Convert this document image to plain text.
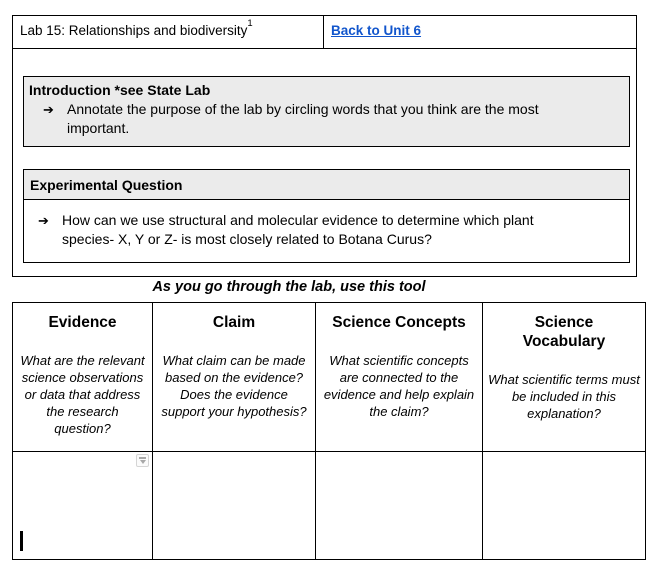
Lab 15: Relationships and biodiversity$^1$	Back to Unit 6
Introduction *see State Lab
➔ Annotate the purpose of the lab by circling words that you think are the most important.
Experimental Question
➔ How can we use structural and molecular evidence to determine which plant species- X, Y or Z- is most closely related to Botana Curus?
As you go through the lab, use this tool
Evidence
What are the relevant science observations or data that address the research question?
Claim
What claim can be made based on the evidence? Does the evidence support your hypothesis?
Science Concepts
What scientific concepts are connected to the evidence and help explain the claim?
Science Vocabulary
What scientific terms must be included in this explanation?
